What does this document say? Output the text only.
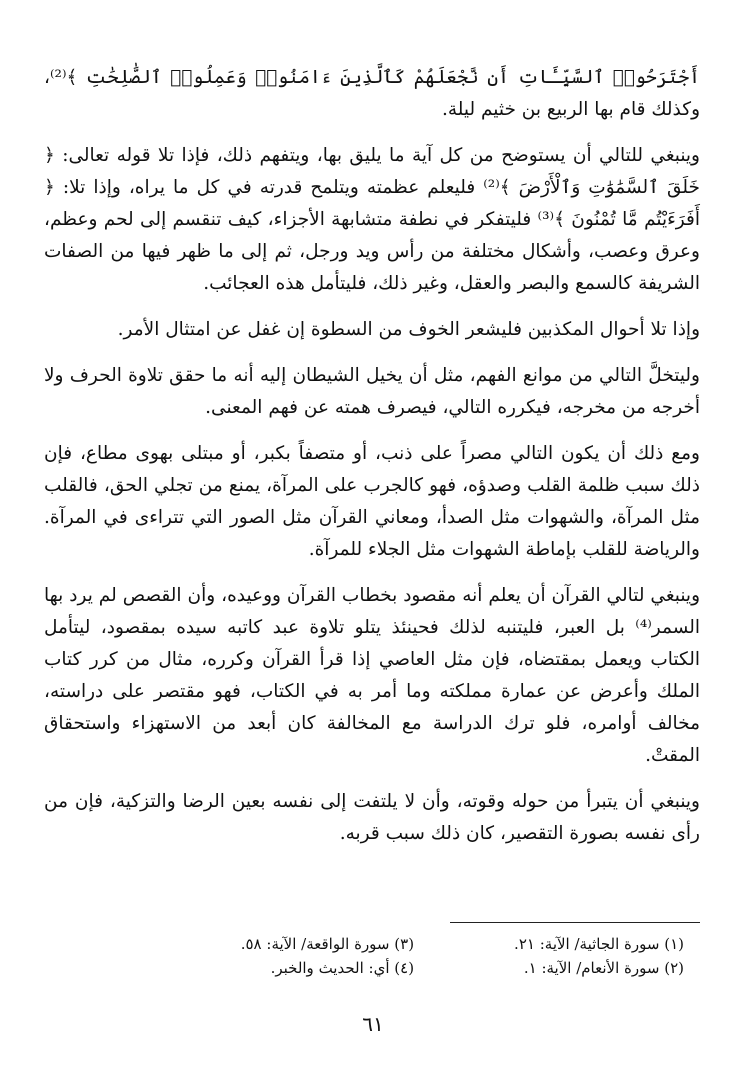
أَجْتَرَحُوا۟ ٱلسَّيِّـَٔاتِ أَن نَّجْعَلَهُمْ كَٱلَّذِينَ ءَامَنُوا۟ وَعَمِلُوا۟ ٱلصَّٰلِحَٰتِ ﴾⁽²⁾، وكذلك قام بها الربيع بن خثيم ليلة.

وينبغي للتالي أن يستوضح من كل آية ما يليق بها، ويتفهم ذلك، فإذا تلا قوله تعالى: ﴿ خَلَقَ ٱلسَّمَٰوَٰتِ وَٱلْأَرْضَ ﴾⁽²⁾ فليعلم عظمته ويتلمح قدرته في كل ما يراه، وإذا تلا: ﴿ أَفَرَءَيْتُم مَّا تُمْنُونَ ﴾⁽³⁾ فليتفكر في نطفة متشابهة الأجزاء، كيف تنقسم إلى لحم وعظم، وعرق وعصب، وأشكال مختلفة من رأس ويد ورجل، ثم إلى ما ظهر فيها من الصفات الشريفة كالسمع والبصر والعقل، وغير ذلك، فليتأمل هذه العجائب.

وإذا تلا أحوال المكذبين فليشعر الخوف من السطوة إن غفل عن امتثال الأمر.

وليتخلَّ التالي من موانع الفهم، مثل أن يخيل الشيطان إليه أنه ما حقق تلاوة الحرف ولا أخرجه من مخرجه، فيكرره التالي، فيصرف همته عن فهم المعنى.

ومع ذلك أن يكون التالي مصراً على ذنب، أو متصفاً بكبر، أو مبتلى بهوى مطاع، فإن ذلك سبب ظلمة القلب وصدؤه، فهو كالجرب على المرآة، يمنع من تجلي الحق، فالقلب مثل المرآة، والشهوات مثل الصدأ، ومعاني القرآن مثل الصور التي تتراءى في المرآة. والرياضة للقلب بإماطة الشهوات مثل الجلاء للمرآة.

وينبغي لتالي القرآن أن يعلم أنه مقصود بخطاب القرآن ووعيده، وأن القصص لم يرد بها السمر⁽⁴⁾ بل العبر، فليتنبه لذلك فحينئذ يتلو تلاوة عبد كاتبه سيده بمقصود، ليتأمل الكتاب ويعمل بمقتضاه، فإن مثل العاصي إذا قرأ القرآن وكرره، مثال من كرر كتاب الملك وأعرض عن عمارة مملكته وما أمر به في الكتاب، فهو مقتصر على دراسته، مخالف أوامره، فلو ترك الدراسة مع المخالفة كان أبعد من الاستهزاء واستحقاق المقتْ.

وينبغي أن يتبرأ من حوله وقوته، وأن لا يلتفت إلى نفسه بعين الرضا والتزكية، فإن من رأى نفسه بصورة التقصير، كان ذلك سبب قربه.

(١) سورة الجاثية/ الآية: ٢١.
(٢) سورة الأنعام/ الآية: ١.
(٣) سورة الواقعة/ الآية: ٥٨.
(٤) أي: الحديث والخبر.
٦١
